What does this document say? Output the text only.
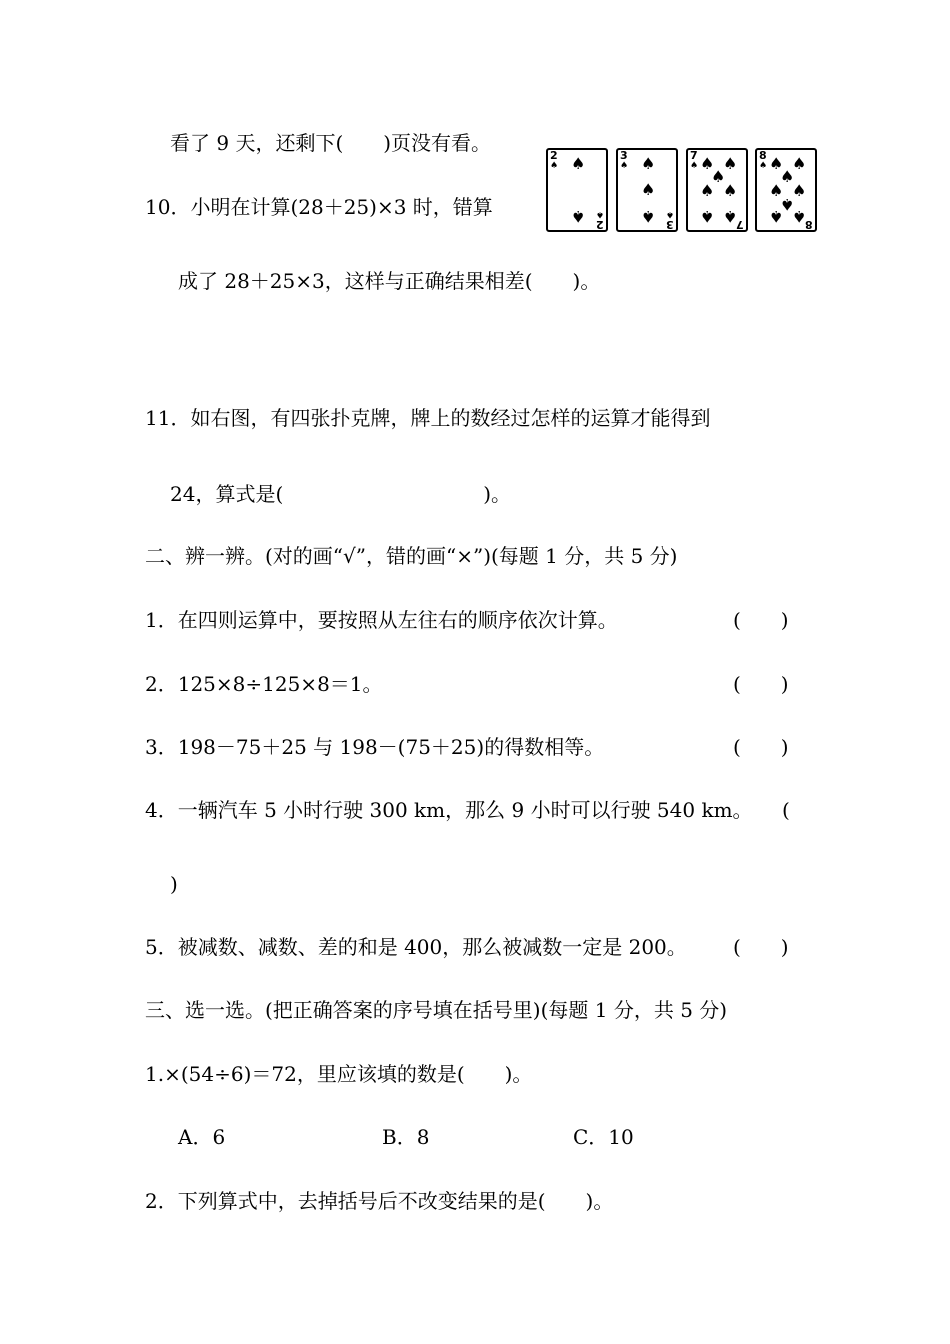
看了 9 天，还剩下(　　)页没有看。
10．小明在计算(28＋25)×3 时，错算
成了 28＋25×3，这样与正确结果相差(　　)。
11．如右图，有四张扑克牌，牌上的数经过怎样的运算才能得到
24，算式是(　　　　　　　　　　)。
二、辨一辨。(对的画“√”，错的画“×”)(每题 1 分，共 5 分)
1．在四则运算中，要按照从左往右的顺序依次计算。	(　　)
2．125×8÷125×8＝1。	(　　)
3．198－75＋25 与 198－(75＋25)的得数相等。	(　　)
4．一辆汽车 5 小时行驶 300 km，那么 9 小时可以行驶 540 km。 (
)
5．被减数、减数、差的和是 400，那么被减数一定是 200。 (　　)
三、选一选。(把正确答案的序号填在括号里)(每题 1 分，共 5 分)
1.×(54÷6)＝72，里应该填的数是(　　)。
A．6	B．8	C．10
2．下列算式中，去掉括号后不改变结果的是(　　)。
2
♠ ♠
♠ ♠
2
3
♠ ♠
♠
♠ ♠
3
7
♠ ♠ ♠
♠
♠ ♠
♠ ♠ 7
8
♠ ♠ ♠
♠
♠ ♠
♠
♠ ♠ 8
